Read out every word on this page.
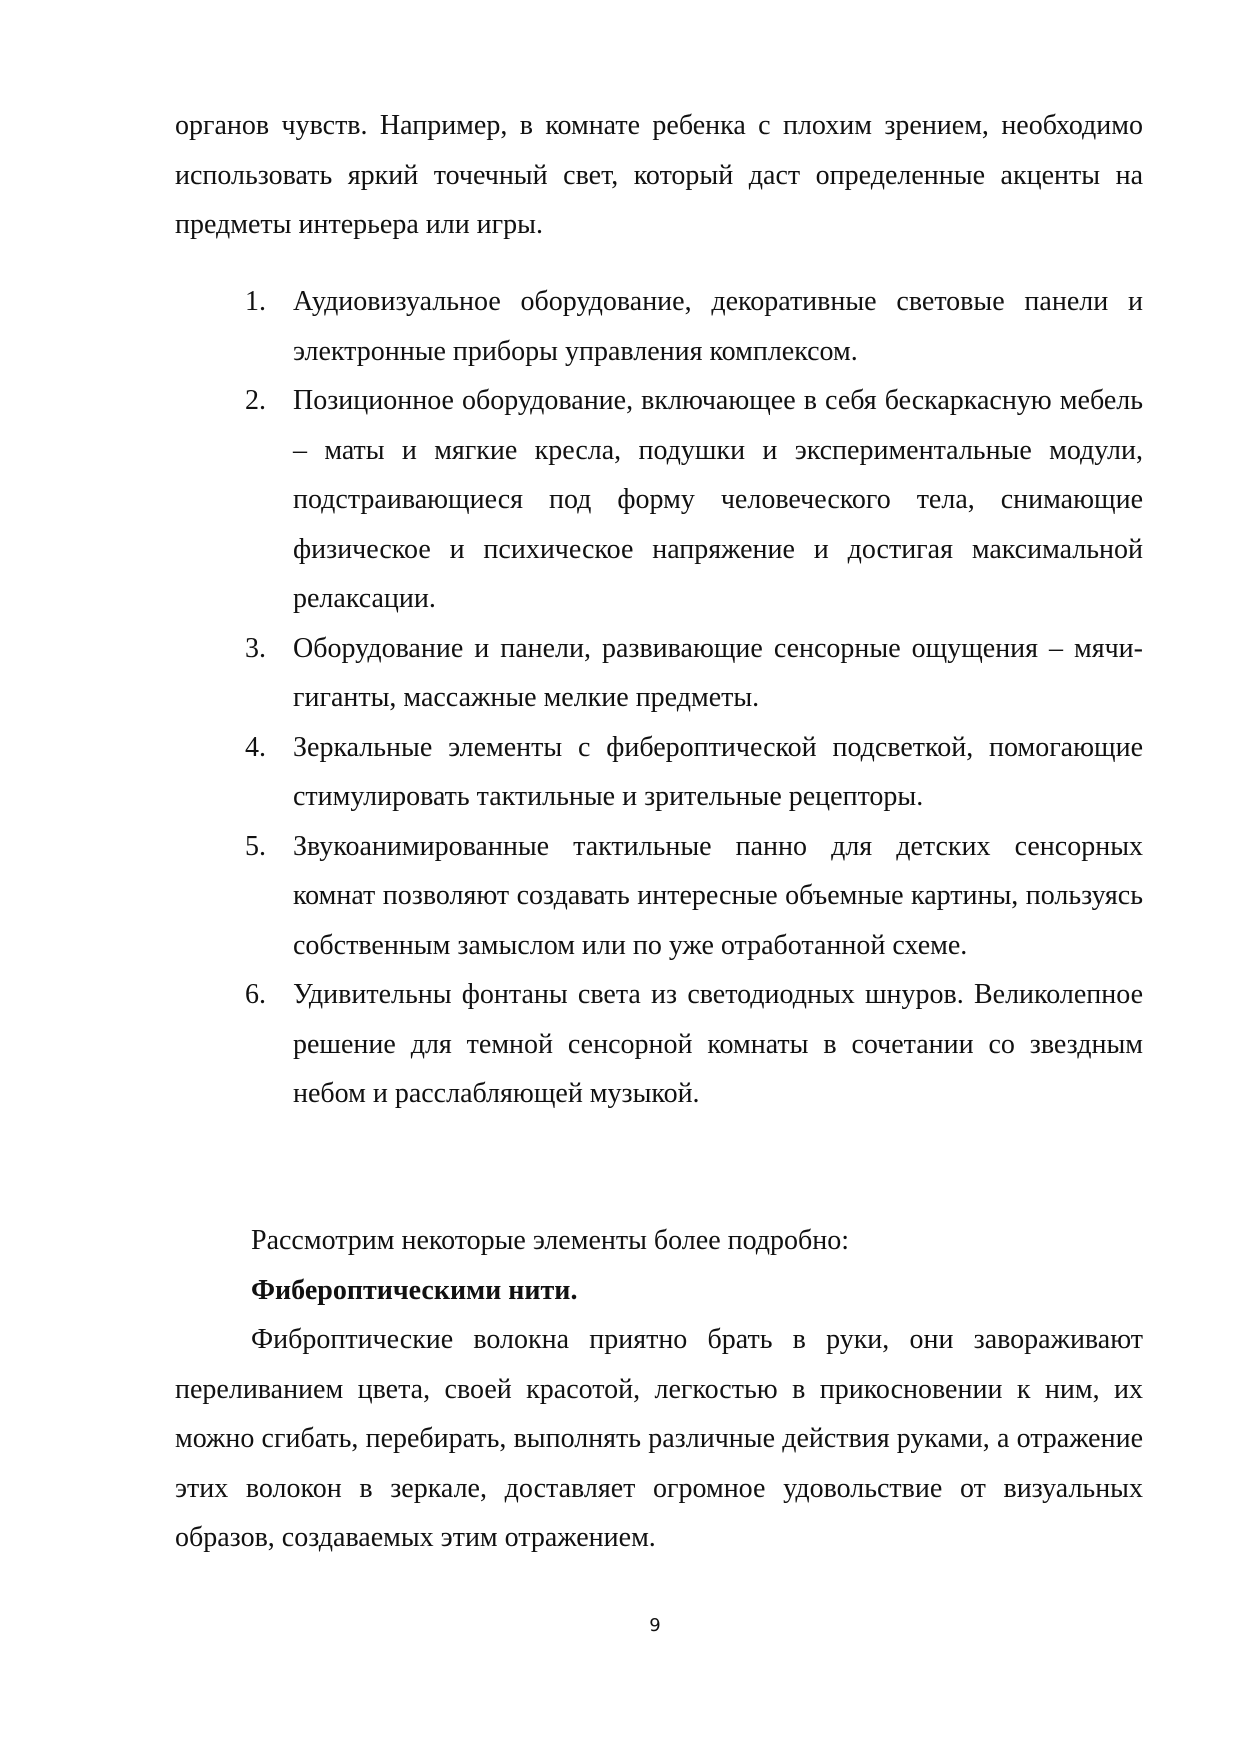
органов чувств. Например, в комнате ребенка с плохим зрением, необходимо использовать яркий точечный свет, который даст определенные акценты на предметы интерьера или игры.

1. Аудиовизуальное оборудование, декоративные световые панели и электронные приборы управления комплексом.
2. Позиционное оборудование, включающее в себя бескаркасную мебель – маты и мягкие кресла, подушки и экспериментальные модули, подстраивающиеся под форму человеческого тела, снимающие физическое и психическое напряжение и достигая максимальной релаксации.
3. Оборудование и панели, развивающие сенсорные ощущения – мячи-гиганты, массажные мелкие предметы.
4. Зеркальные элементы с фибероптической подсветкой, помогающие стимулировать тактильные и зрительные рецепторы.
5. Звукоанимированные тактильные панно для детских сенсорных комнат позволяют создавать интересные объемные картины, пользуясь собственным замыслом или по уже отработанной схеме.
6. Удивительны фонтаны света из светодиодных шнуров. Великолепное решение для темной сенсорной комнаты в сочетании со звездным небом и расслабляющей музыкой.

Рассмотрим некоторые элементы более подробно:

Фибероптическими нити.

Фиброптические волокна приятно брать в руки, они завораживают переливанием цвета, своей красотой, легкостью в прикосновении к ним, их можно сгибать, перебирать, выполнять различные действия руками, а отражение этих волокон в зеркале, доставляет огромное удовольствие от визуальных образов, создаваемых этим отражением.

9
